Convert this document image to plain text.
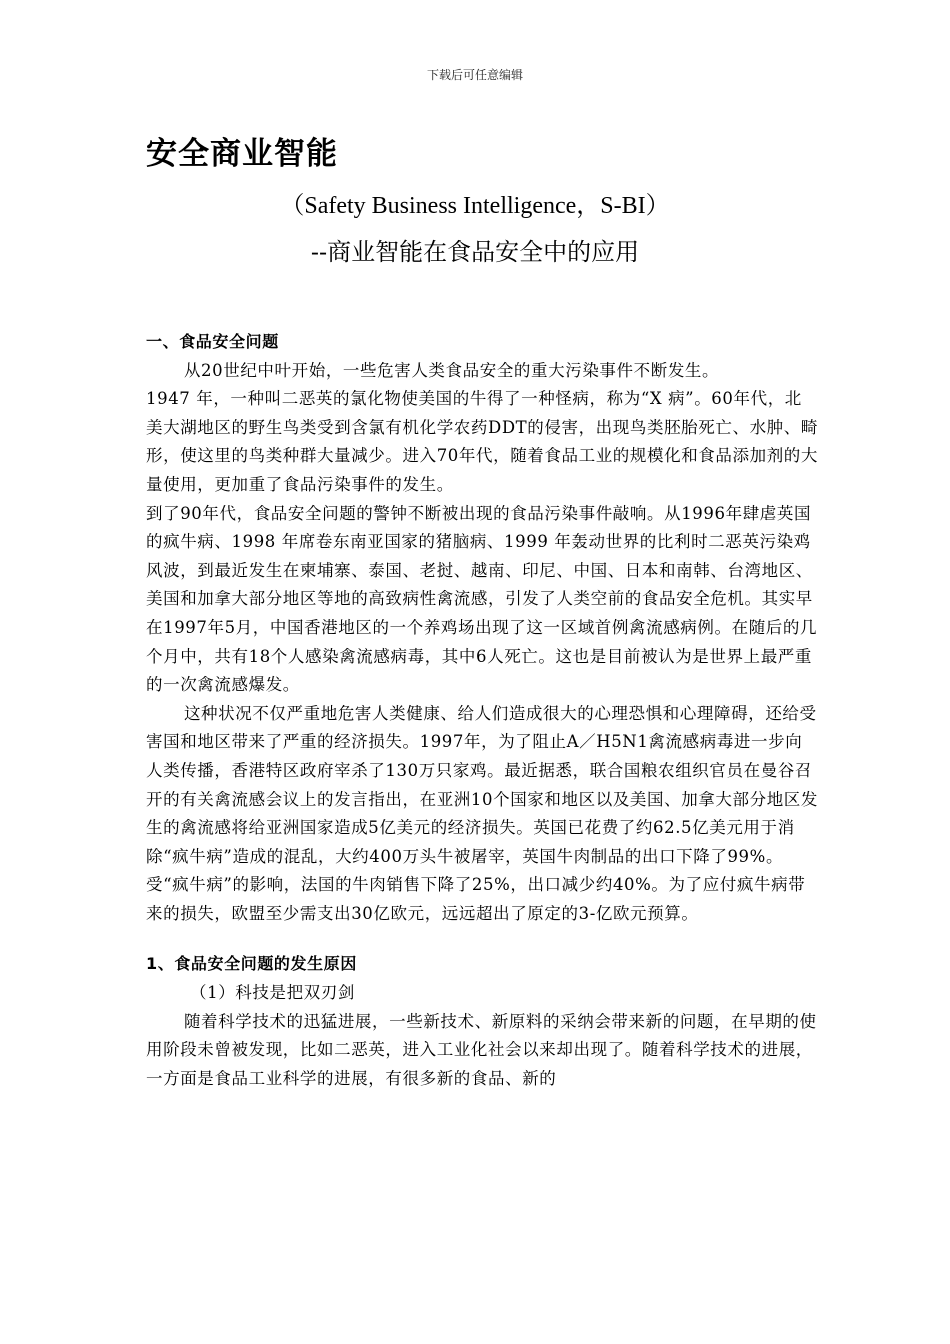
下载后可任意编辑
安全商业智能
（Safety Business Intelligence，S-BI）
--商业智能在食品安全中的应用

一、食品安全问题

从20世纪中叶开始，一些危害人类食品安全的重大污染事件不断发生。

1947 年，一种叫二恶英的氯化物使美国的牛得了一种怪病，称为“X 病”。60年代，北美大湖地区的野生鸟类受到含氯有机化学农药DDT的侵害，出现鸟类胚胎死亡、水肿、畸形，使这里的鸟类种群大量减少。进入70年代，随着食品工业的规模化和食品添加剂的大量使用，更加重了食品污染事件的发生。

到了90年代，食品安全问题的警钟不断被出现的食品污染事件敲响。从1996年肆虐英国的疯牛病、1998 年席卷东南亚国家的猪脑病、1999 年轰动世界的比利时二恶英污染鸡风波，到最近发生在柬埔寨、泰国、老挝、越南、印尼、中国、日本和南韩、台湾地区、美国和加拿大部分地区等地的高致病性禽流感，引发了人类空前的食品安全危机。其实早在1997年5月，中国香港地区的一个养鸡场出现了这一区域首例禽流感病例。在随后的几个月中，共有18个人感染禽流感病毒，其中6人死亡。这也是目前被认为是世界上最严重的一次禽流感爆发。

这种状况不仅严重地危害人类健康、给人们造成很大的心理恐惧和心理障碍，还给受害国和地区带来了严重的经济损失。1997年，为了阻止A／H5N1禽流感病毒进一步向人类传播，香港特区政府宰杀了130万只家鸡。最近据悉，联合国粮农组织官员在曼谷召开的有关禽流感会议上的发言指出，在亚洲10个国家和地区以及美国、加拿大部分地区发生的禽流感将给亚洲国家造成5亿美元的经济损失。英国已花费了约62.5亿美元用于消除“疯牛病”造成的混乱，大约400万头牛被屠宰，英国牛肉制品的出口下降了99%。受“疯牛病”的影响，法国的牛肉销售下降了25%，出口减少约40%。为了应付疯牛病带来的损失，欧盟至少需支出30亿欧元，远远超出了原定的3-亿欧元预算。

1、食品安全问题的发生原因

（1）科技是把双刃剑

随着科学技术的迅猛进展，一些新技术、新原料的采纳会带来新的问题，在早期的使用阶段未曾被发现，比如二恶英，进入工业化社会以来却出现了。随着科学技术的进展，一方面是食品工业科学的进展，有很多新的食品、新的
